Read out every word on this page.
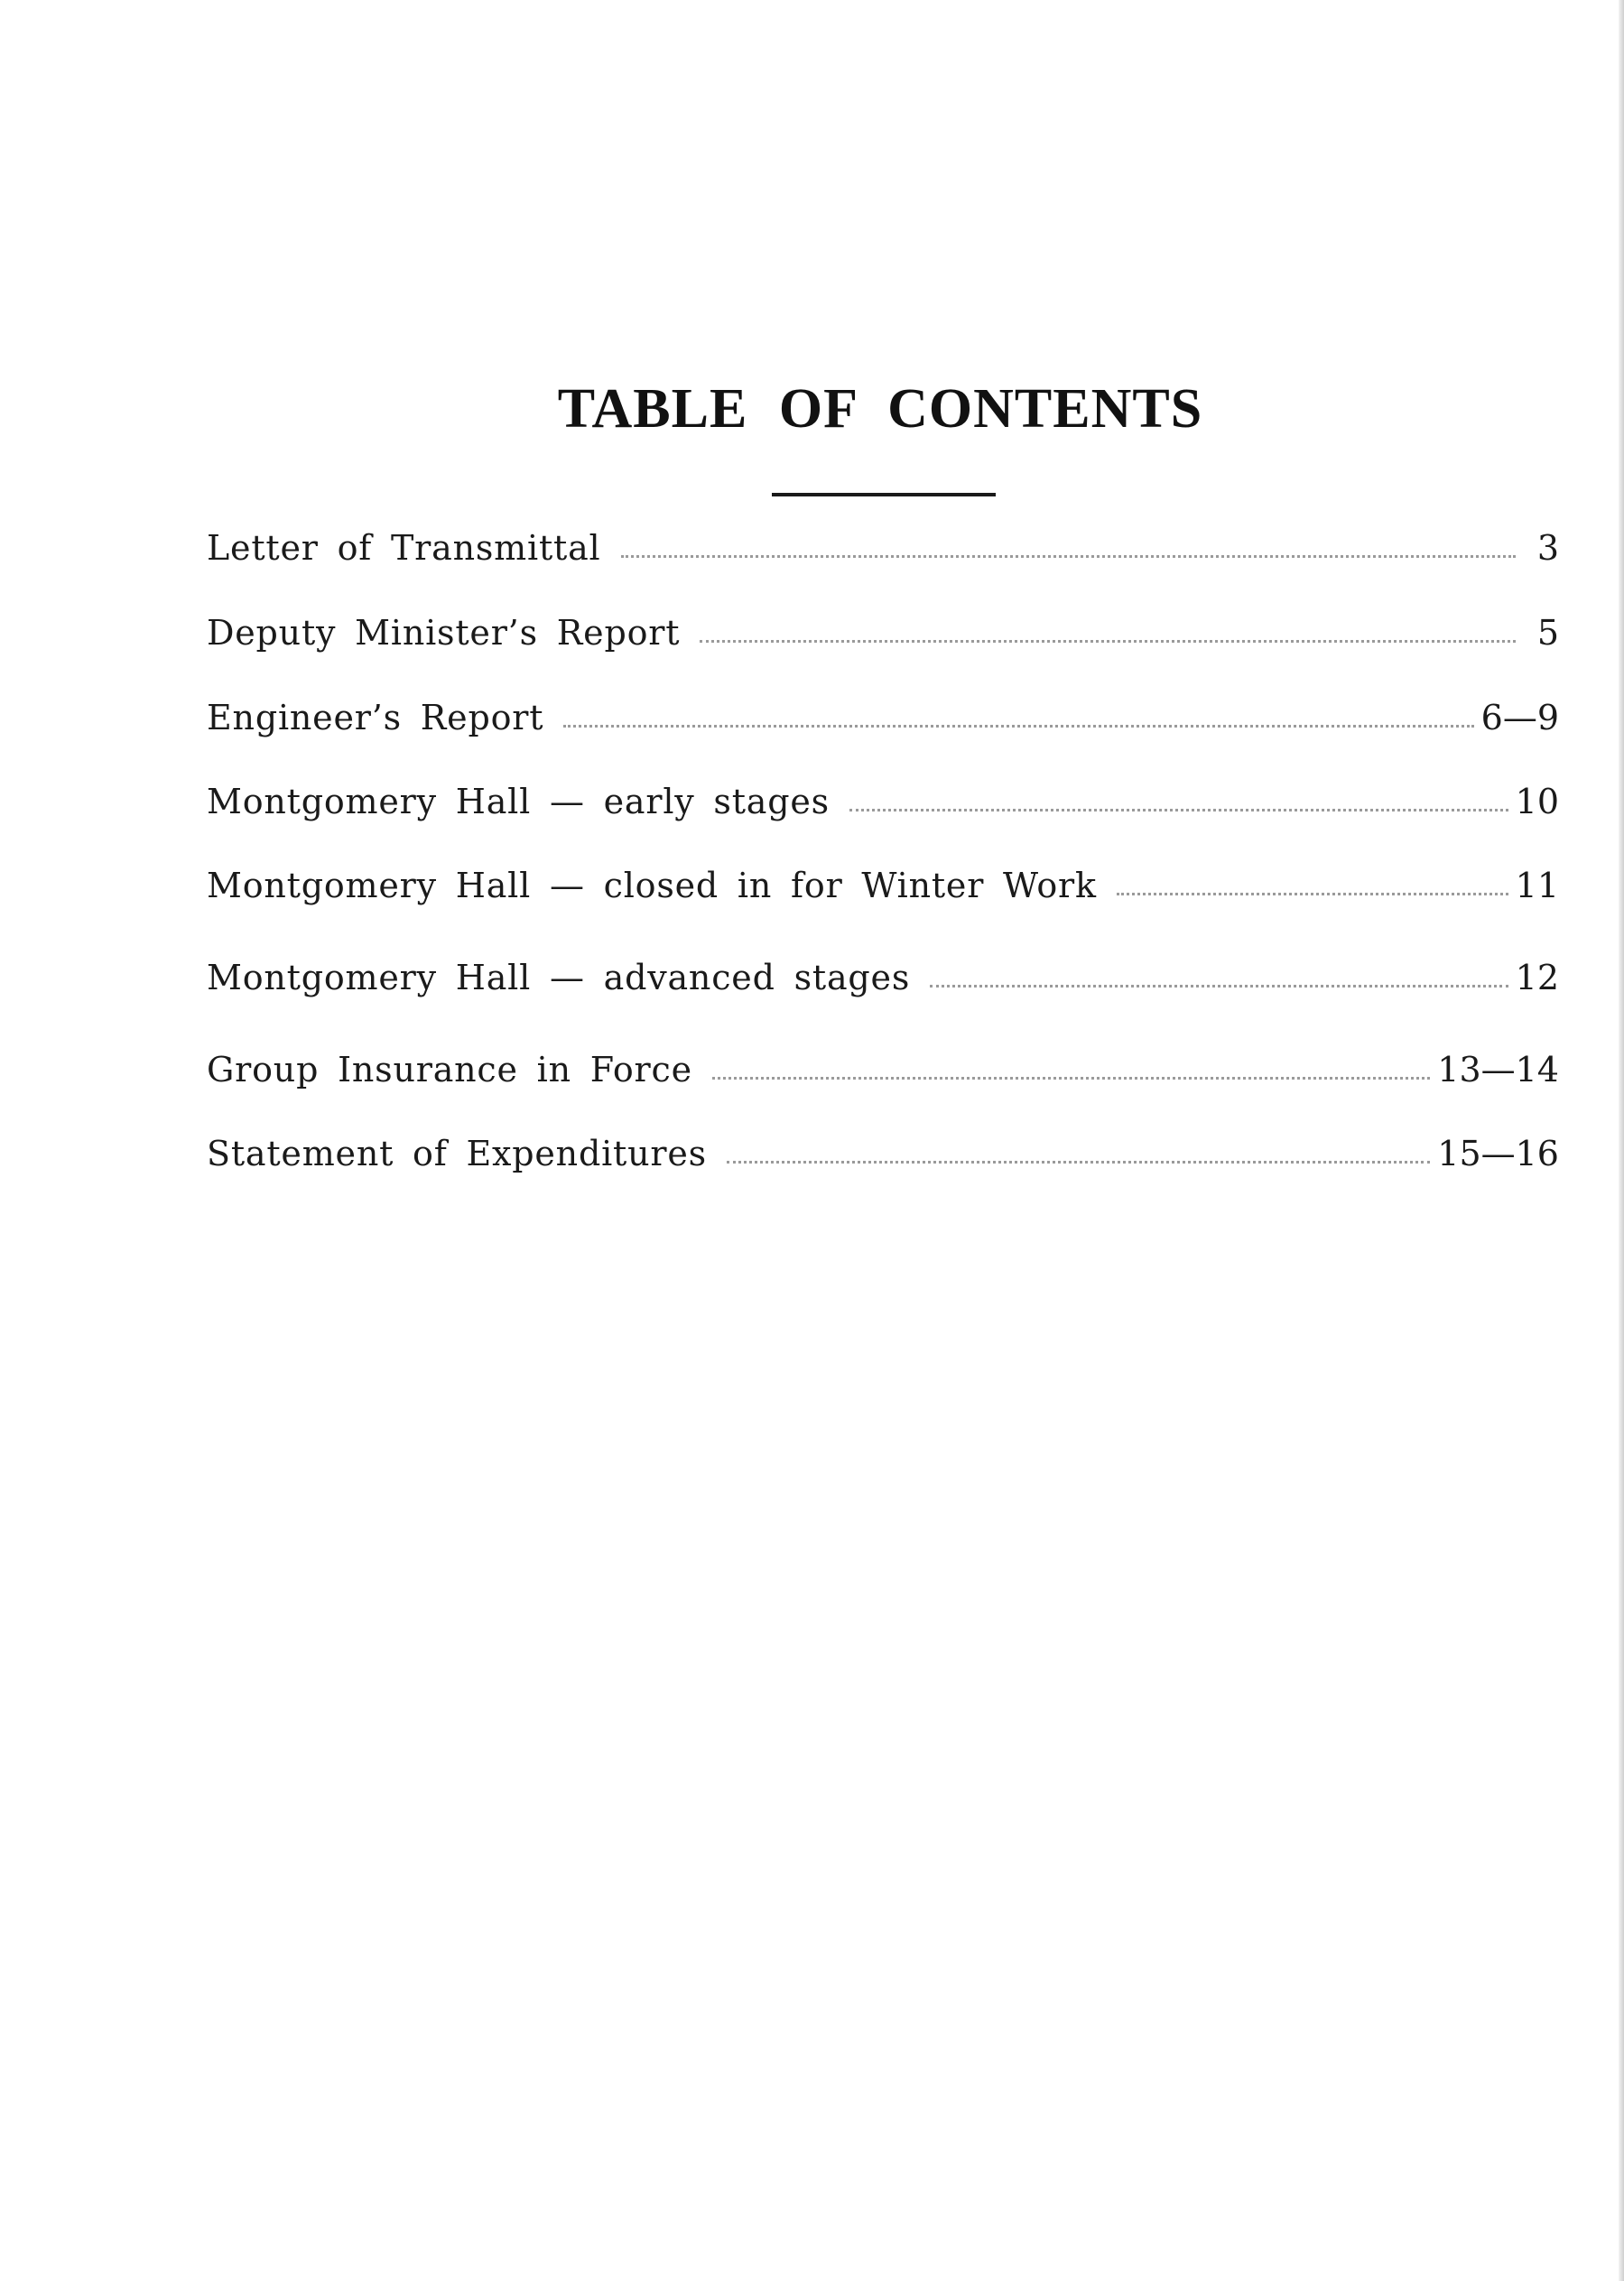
TABLE OF CONTENTS
Letter of Transmittal	3
Deputy Minister’s Report	5
Engineer’s Report	6—9
Montgomery Hall — early stages	10
Montgomery Hall — closed in for Winter Work	11
Montgomery Hall — advanced stages	12
Group Insurance in Force	13—14
Statement of Expenditures	15—16
